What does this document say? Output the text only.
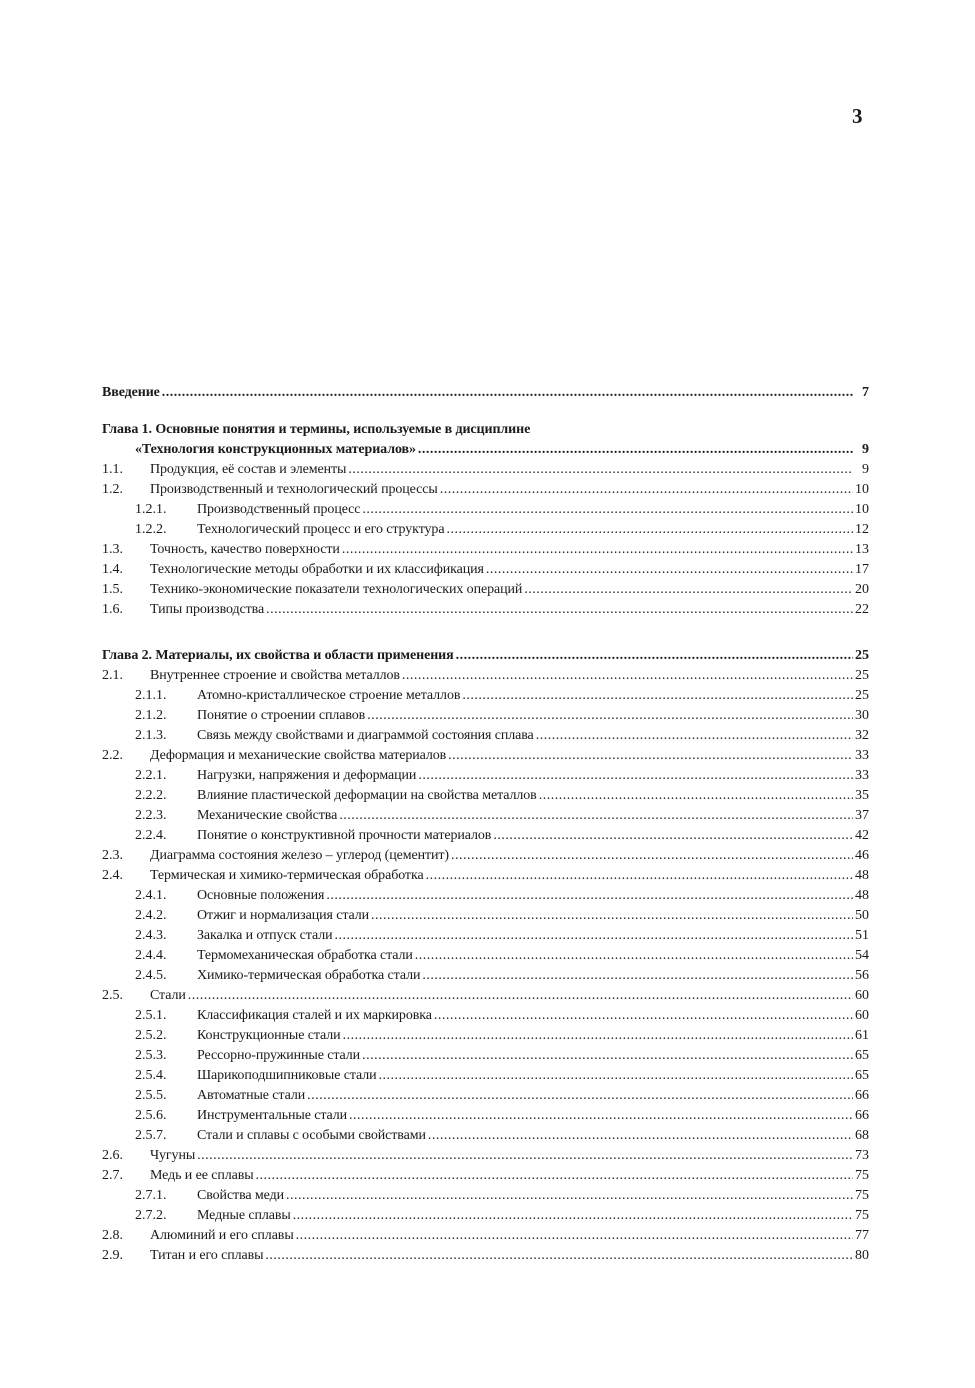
3
Введение .....	7
Глава 1. Основные понятия и термины, используемые в дисциплине
«Технология конструкционных материалов» .....	9
1.1.	Продукция, её состав и элементы .....	9
1.2.	Производственный и технологический процессы .....	10
1.2.1.	Производственный процесс .....	10
1.2.2.	Технологический процесс и его структура .....	12
1.3.	Точность, качество поверхности .....	13
1.4.	Технологические методы обработки и их классификация .....	17
1.5.	Технико-экономические показатели технологических операций .....	20
1.6.	Типы производства .....	22
Глава 2. Материалы, их свойства и области применения .....	25
2.1.	Внутреннее строение и свойства металлов .....	25
2.1.1.	Атомно-кристаллическое строение металлов .....	25
2.1.2.	Понятие о строении сплавов .....	30
2.1.3.	Связь между свойствами и диаграммой состояния сплава .....	32
2.2.	Деформация и механические свойства материалов .....	33
2.2.1.	Нагрузки, напряжения и деформации .....	33
2.2.2.	Влияние пластической деформации на свойства металлов .....	35
2.2.3.	Механические свойства .....	37
2.2.4.	Понятие о конструктивной прочности материалов .....	42
2.3.	Диаграмма состояния железо – углерод (цементит) .....	46
2.4.	Термическая и химико-термическая обработка .....	48
2.4.1.	Основные положения .....	48
2.4.2.	Отжиг и нормализация стали .....	50
2.4.3.	Закалка и отпуск стали .....	51
2.4.4.	Термомеханическая обработка стали .....	54
2.4.5.	Химико-термическая обработка стали .....	56
2.5.	Стали .....	60
2.5.1.	Классификация сталей и их маркировка .....	60
2.5.2.	Конструкционные стали .....	61
2.5.3.	Рессорно-пружинные стали .....	65
2.5.4.	Шарикоподшипниковые стали .....	65
2.5.5.	Автоматные стали .....	66
2.5.6.	Инструментальные стали .....	66
2.5.7.	Стали и сплавы с особыми свойствами .....	68
2.6.	Чугуны .....	73
2.7.	Медь и ее сплавы .....	75
2.7.1.	Свойства меди .....	75
2.7.2.	Медные сплавы .....	75
2.8.	Алюминий и его сплавы .....	77
2.9.	Титан и его сплавы .....	80
